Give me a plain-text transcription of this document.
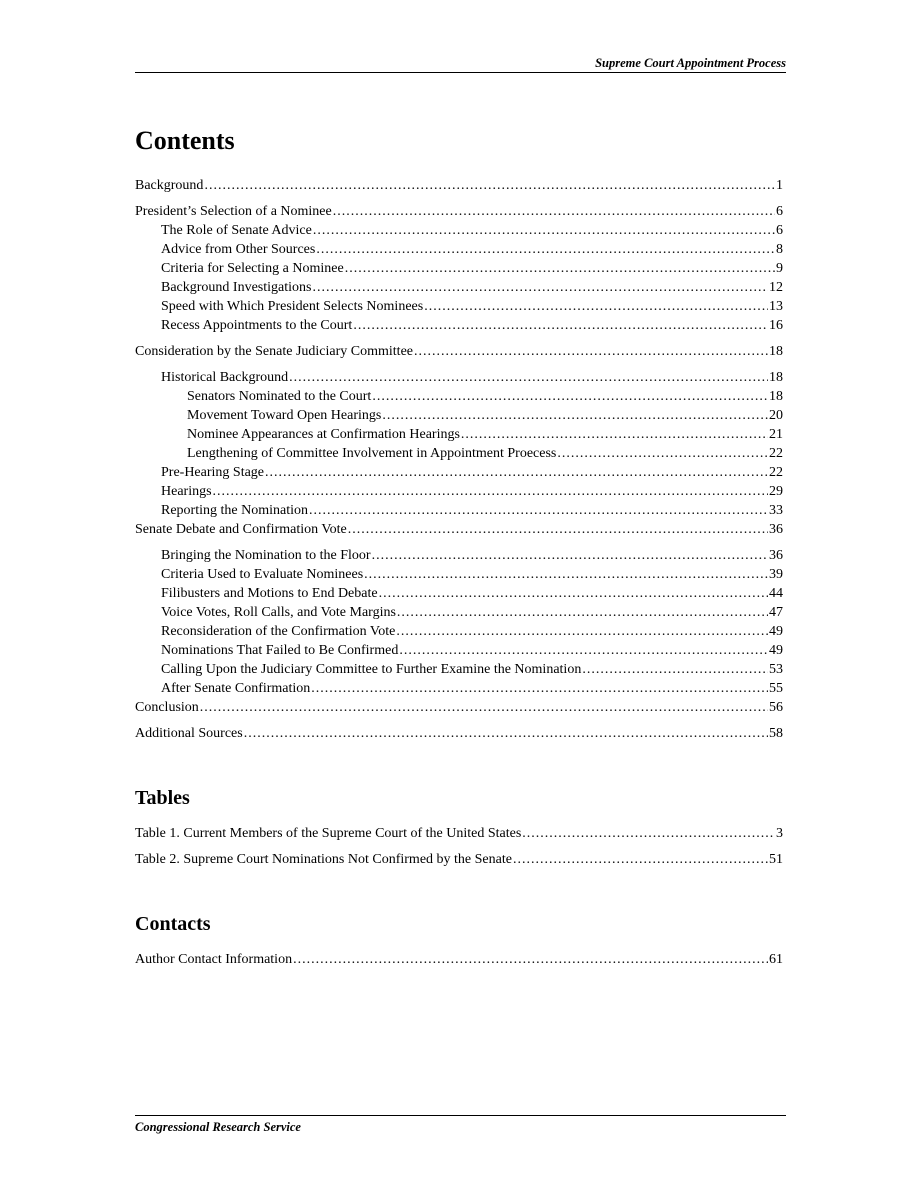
Supreme Court Appointment Process
Contents
Background .....	1
President’s Selection of a Nominee .....	6
The Role of Senate Advice .....	6
Advice from Other Sources .....	8
Criteria for Selecting a Nominee .....	9
Background Investigations .....	12
Speed with Which President Selects Nominees .....	13
Recess Appointments to the Court .....	16
Consideration by the Senate Judiciary Committee .....	18
Historical Background .....	18
Senators Nominated to the Court .....	18
Movement Toward Open Hearings .....	20
Nominee Appearances at Confirmation Hearings .....	21
Lengthening of Committee Involvement in Appointment Proecess .....	22
Pre-Hearing Stage .....	22
Hearings .....	29
Reporting the Nomination .....	33
Senate Debate and Confirmation Vote .....	36
Bringing the Nomination to the Floor .....	36
Criteria Used to Evaluate Nominees .....	39
Filibusters and Motions to End Debate .....	44
Voice Votes, Roll Calls, and Vote Margins .....	47
Reconsideration of the Confirmation Vote .....	49
Nominations That Failed to Be Confirmed .....	49
Calling Upon the Judiciary Committee to Further Examine the Nomination .....	53
After Senate Confirmation .....	55
Conclusion .....	56
Additional Sources .....	58
Tables
Table 1. Current Members of the Supreme Court of the United States .....	3
Table 2. Supreme Court Nominations Not Confirmed by the Senate .....	51
Contacts
Author Contact Information .....	61
Congressional Research Service
